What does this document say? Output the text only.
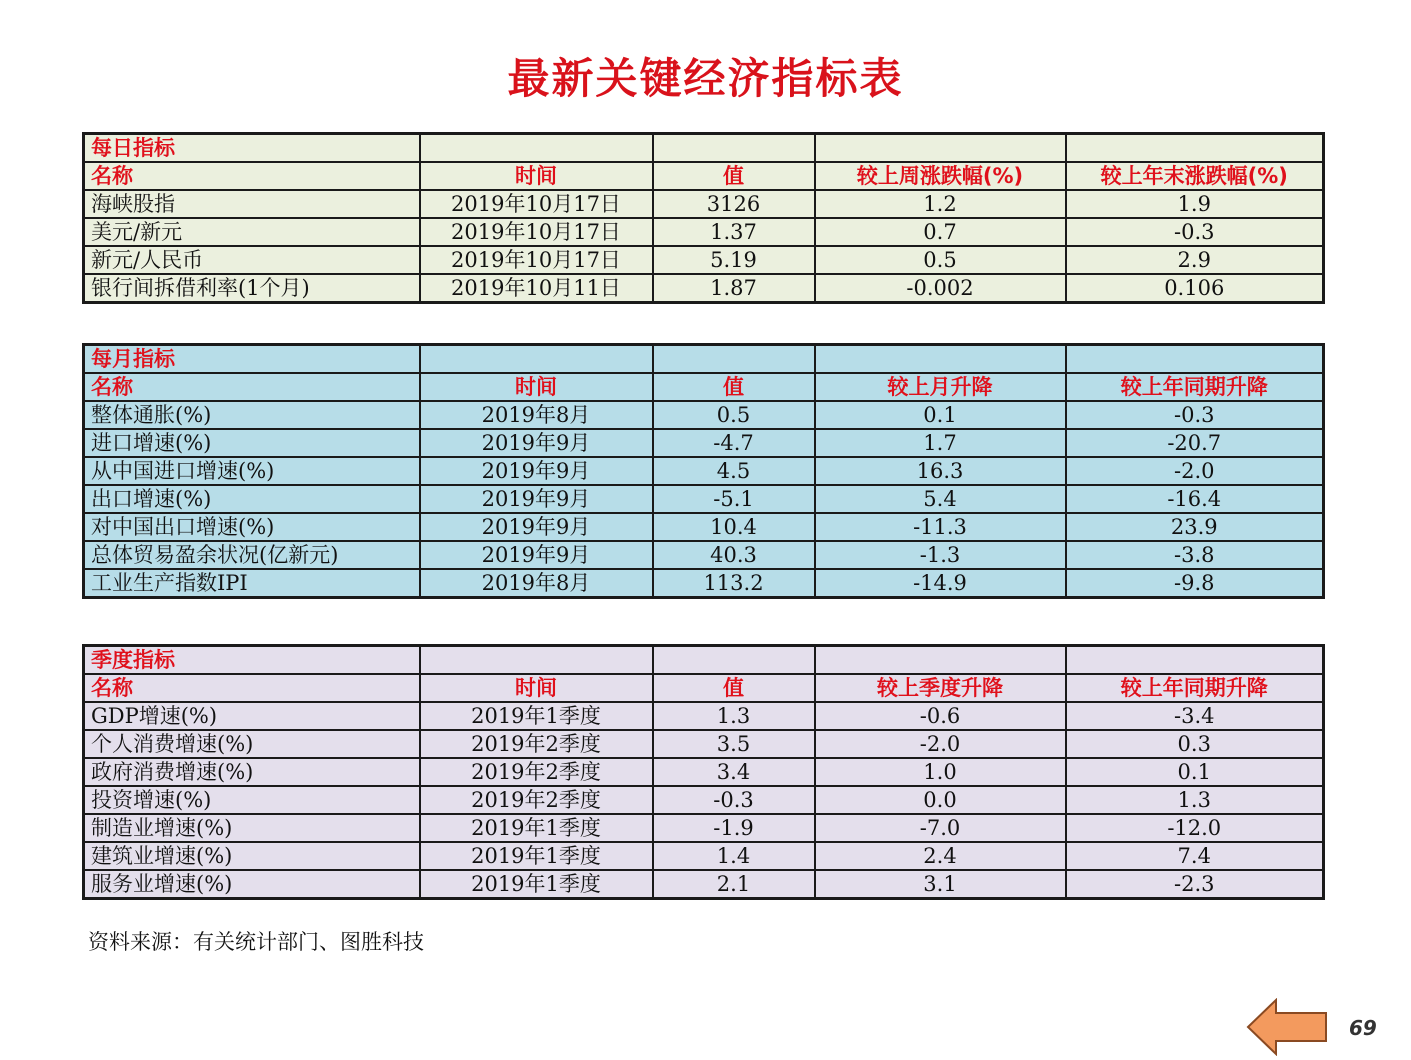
最新关键经济指标表
每日指标				
名称	时间	值	较上周涨跌幅(%)	较上年末涨跌幅(%)
海峡股指	2019年10月17日	3126	1.2	1.9
美元/新元	2019年10月17日	1.37	0.7	-0.3
新元/人民币	2019年10月17日	5.19	0.5	2.9
银行间拆借利率(1个月)	2019年10月11日	1.87	-0.002	0.106
每月指标				
名称	时间	值	较上月升降	较上年同期升降
整体通胀(%)	2019年8月	0.5	0.1	-0.3
进口增速(%)	2019年9月	-4.7	1.7	-20.7
从中国进口增速(%)	2019年9月	4.5	16.3	-2.0
出口增速(%)	2019年9月	-5.1	5.4	-16.4
对中国出口增速(%)	2019年9月	10.4	-11.3	23.9
总体贸易盈余状况(亿新元)	2019年9月	40.3	-1.3	-3.8
工业生产指数IPI	2019年8月	113.2	-14.9	-9.8
季度指标				
名称	时间	值	较上季度升降	较上年同期升降
GDP增速(%)	2019年1季度	1.3	-0.6	-3.4
个人消费增速(%)	2019年2季度	3.5	-2.0	0.3
政府消费增速(%)	2019年2季度	3.4	1.0	0.1
投资增速(%)	2019年2季度	-0.3	0.0	1.3
制造业增速(%)	2019年1季度	-1.9	-7.0	-12.0
建筑业增速(%)	2019年1季度	1.4	2.4	7.4
服务业增速(%)	2019年1季度	2.1	3.1	-2.3
资料来源：有关统计部门、图胜科技
69
